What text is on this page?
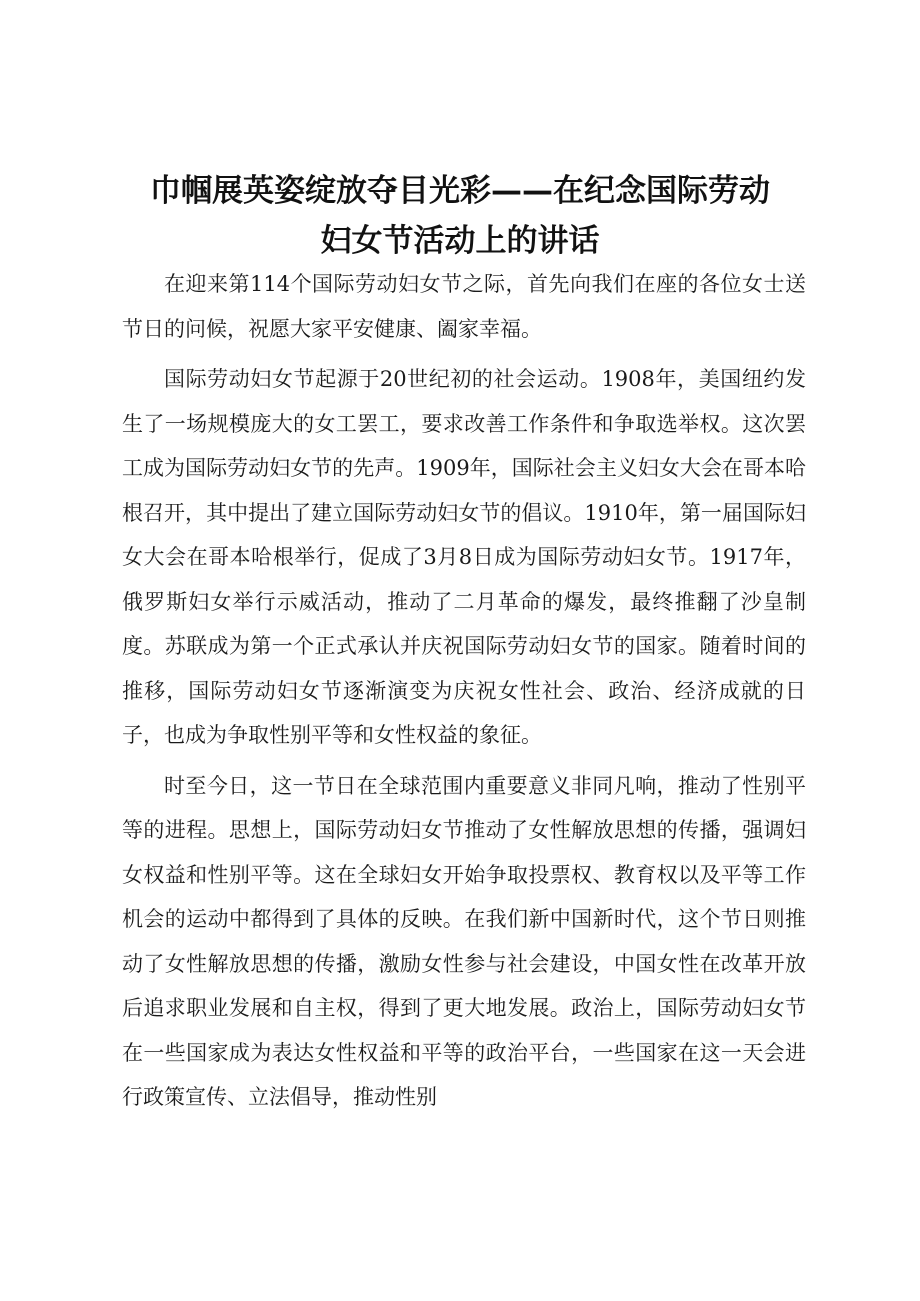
巾帼展英姿绽放夺目光彩——在纪念国际劳动
妇女节活动上的讲话

在迎来第114个国际劳动妇女节之际，首先向我们在座的各位女士送节日的问候，祝愿大家平安健康、阖家幸福。

国际劳动妇女节起源于20世纪初的社会运动。1908年，美国纽约发生了一场规模庞大的女工罢工，要求改善工作条件和争取选举权。这次罢工成为国际劳动妇女节的先声。1909年，国际社会主义妇女大会在哥本哈根召开，其中提出了建立国际劳动妇女节的倡议。1910年，第一届国际妇女大会在哥本哈根举行，促成了3月8日成为国际劳动妇女节。1917年，俄罗斯妇女举行示威活动，推动了二月革命的爆发，最终推翻了沙皇制度。苏联成为第一个正式承认并庆祝国际劳动妇女节的国家。随着时间的推移，国际劳动妇女节逐渐演变为庆祝女性社会、政治、经济成就的日子，也成为争取性别平等和女性权益的象征。

时至今日，这一节日在全球范围内重要意义非同凡响，推动了性别平等的进程。思想上，国际劳动妇女节推动了女性解放思想的传播，强调妇女权益和性别平等。这在全球妇女开始争取投票权、教育权以及平等工作机会的运动中都得到了具体的反映。在我们新中国新时代，这个节日则推动了女性解放思想的传播，激励女性参与社会建设，中国女性在改革开放后追求职业发展和自主权，得到了更大地发展。政治上，国际劳动妇女节在一些国家成为表达女性权益和平等的政治平台，一些国家在这一天会进行政策宣传、立法倡导，推动性别
